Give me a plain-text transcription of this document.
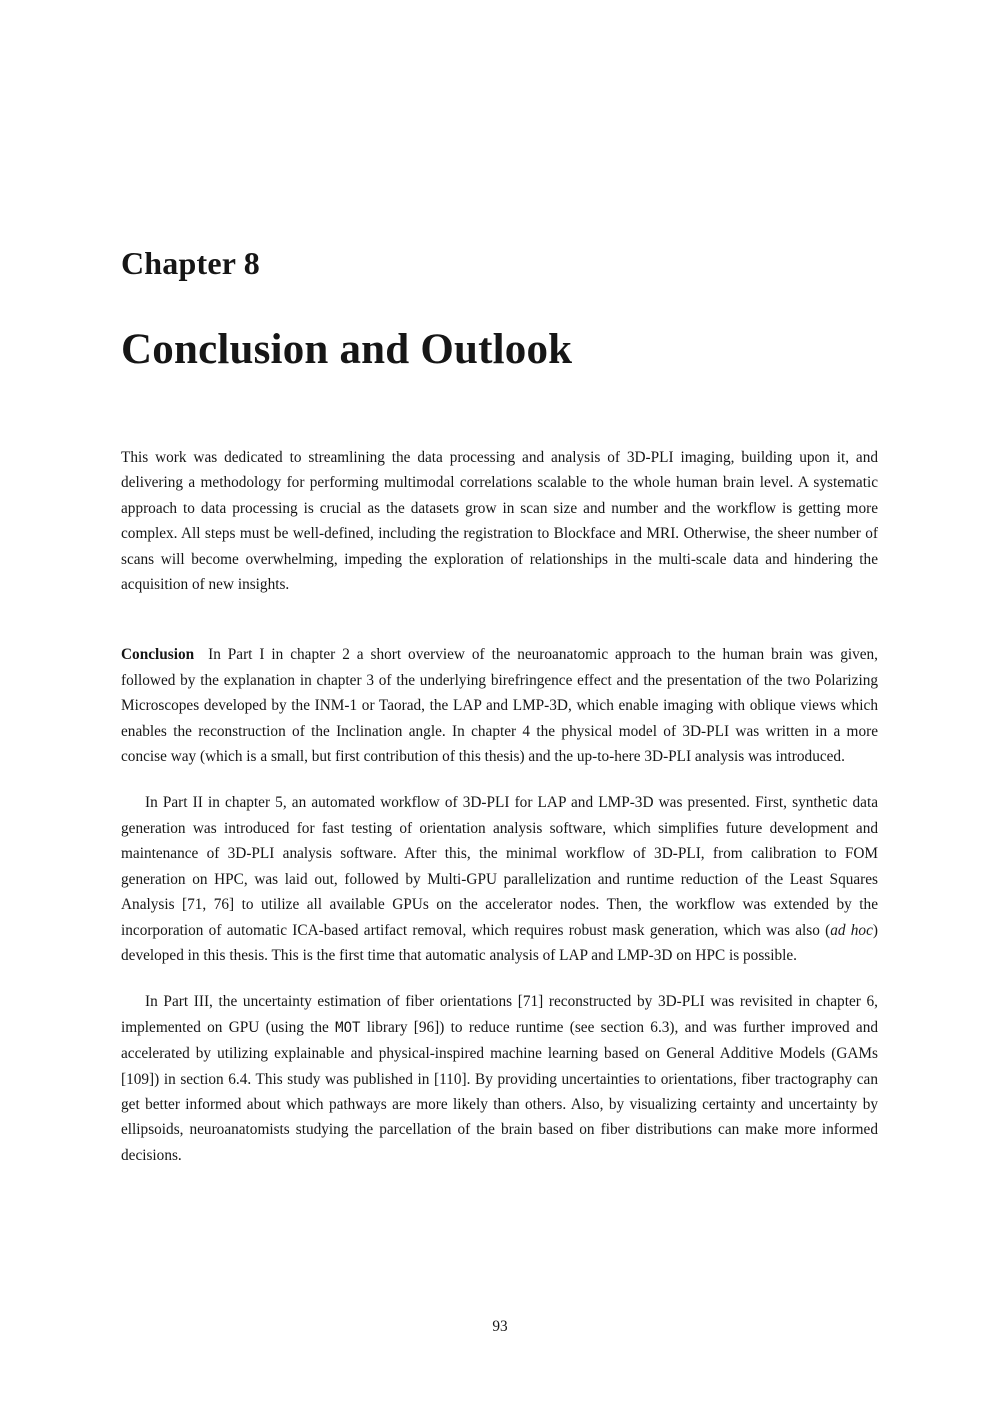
Chapter 8
Conclusion and Outlook

This work was dedicated to streamlining the data processing and analysis of 3D-PLI imaging, building upon it, and delivering a methodology for performing multimodal correlations scalable to the whole human brain level. A systematic approach to data processing is crucial as the datasets grow in scan size and number and the workflow is getting more complex. All steps must be well-defined, including the registration to Blockface and MRI. Otherwise, the sheer number of scans will become overwhelming, impeding the exploration of relationships in the multi-scale data and hindering the acquisition of new insights.

Conclusion In Part I in chapter 2 a short overview of the neuroanatomic approach to the human brain was given, followed by the explanation in chapter 3 of the underlying birefringence effect and the presentation of the two Polarizing Microscopes developed by the INM-1 or Taorad, the LAP and LMP-3D, which enable imaging with oblique views which enables the reconstruction of the Inclination angle. In chapter 4 the physical model of 3D-PLI was written in a more concise way (which is a small, but first contribution of this thesis) and the up-to-here 3D-PLI analysis was introduced.

In Part II in chapter 5, an automated workflow of 3D-PLI for LAP and LMP-3D was presented. First, synthetic data generation was introduced for fast testing of orientation analysis software, which simplifies future development and maintenance of 3D-PLI analysis software. After this, the minimal workflow of 3D-PLI, from calibration to FOM generation on HPC, was laid out, followed by Multi-GPU parallelization and runtime reduction of the Least Squares Analysis [71, 76] to utilize all available GPUs on the accelerator nodes. Then, the workflow was extended by the incorporation of automatic ICA-based artifact removal, which requires robust mask generation, which was also (ad hoc) developed in this thesis. This is the first time that automatic analysis of LAP and LMP-3D on HPC is possible.

In Part III, the uncertainty estimation of fiber orientations [71] reconstructed by 3D-PLI was revisited in chapter 6, implemented on GPU (using the MOT library [96]) to reduce runtime (see section 6.3), and was further improved and accelerated by utilizing explainable and physical-inspired machine learning based on General Additive Models (GAMs [109]) in section 6.4. This study was published in [110]. By providing uncertainties to orientations, fiber tractography can get better informed about which pathways are more likely than others. Also, by visualizing certainty and uncertainty by ellipsoids, neuroanatomists studying the parcellation of the brain based on fiber distributions can make more informed decisions.

93
